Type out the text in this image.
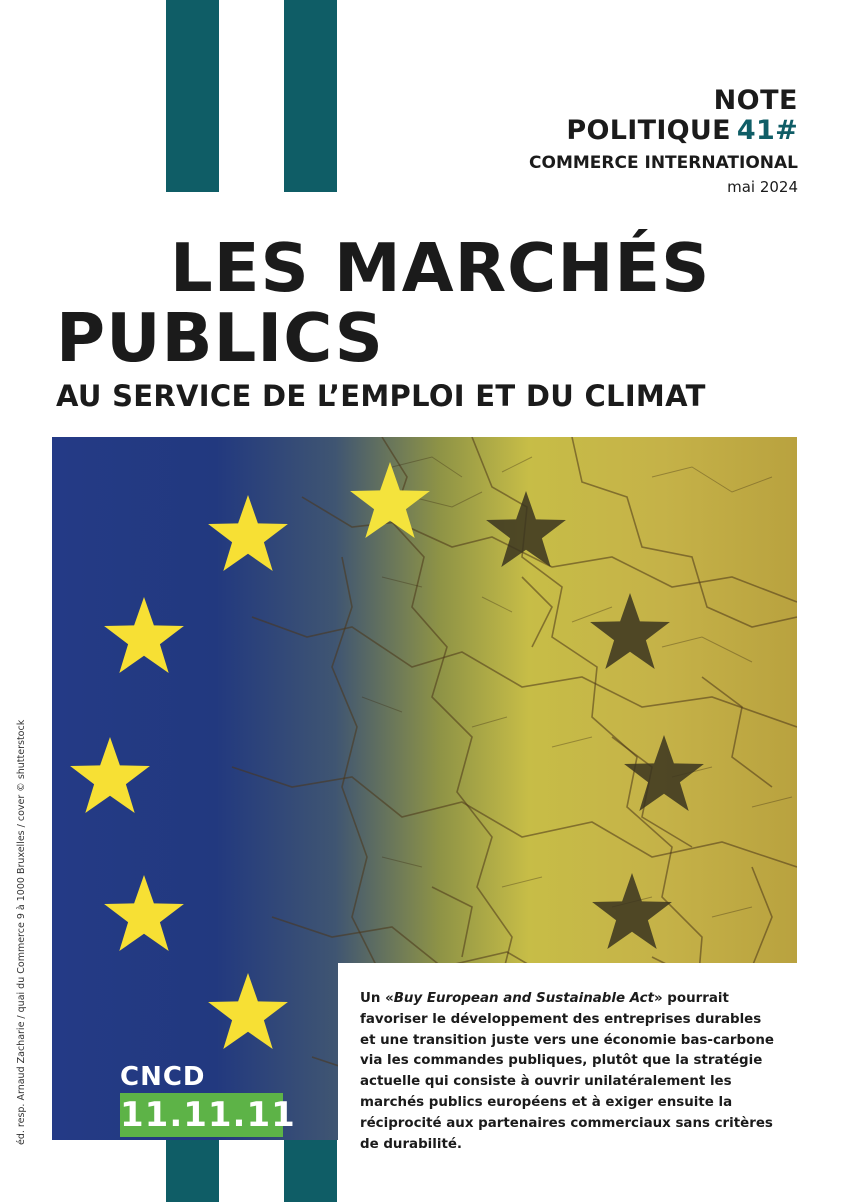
NOTE
POLITIQUE 41#
COMMERCE INTERNATIONAL
mai 2024
LES MARCHÉS
PUBLICS
AU SERVICE DE L’EMPLOI ET DU CLIMAT
Un «Buy European and Sustainable Act» pourrait favoriser le développement des entreprises durables et une transition juste vers une économie bas-carbone via les commandes publiques, plutôt que la stratégie actuelle qui consiste à ouvrir unilatéralement les marchés publics européens et à exiger ensuite la réciprocité aux partenaires commerciaux sans critères de durabilité.
CNCD
11.11.11
éd. resp. Arnaud Zacharie / quai du Commerce 9 à 1000 Bruxelles / cover © shutterstock
